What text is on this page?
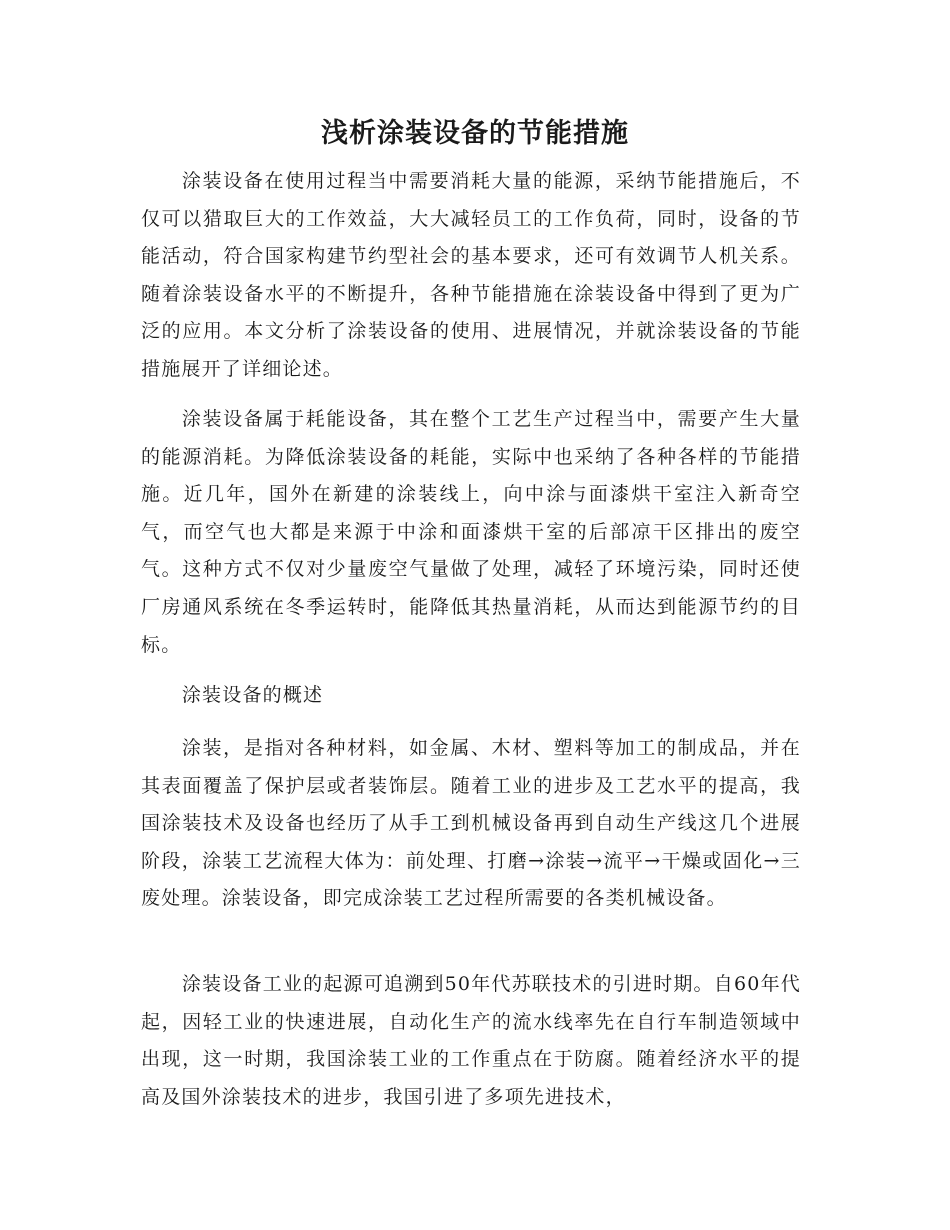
浅析涂装设备的节能措施

涂装设备在使用过程当中需要消耗大量的能源，采纳节能措施后，不仅可以猎取巨大的工作效益，大大减轻员工的工作负荷，同时，设备的节能活动，符合国家构建节约型社会的基本要求，还可有效调节人机关系。随着涂装设备水平的不断提升，各种节能措施在涂装设备中得到了更为广泛的应用。本文分析了涂装设备的使用、进展情况，并就涂装设备的节能措施展开了详细论述。

涂装设备属于耗能设备，其在整个工艺生产过程当中，需要产生大量的能源消耗。为降低涂装设备的耗能，实际中也采纳了各种各样的节能措施。近几年，国外在新建的涂装线上，向中涂与面漆烘干室注入新奇空气，而空气也大都是来源于中涂和面漆烘干室的后部凉干区排出的废空气。这种方式不仅对少量废空气量做了处理，减轻了环境污染，同时还使厂房通风系统在冬季运转时，能降低其热量消耗，从而达到能源节约的目标。

涂装设备的概述

涂装，是指对各种材料，如金属、木材、塑料等加工的制成品，并在其表面覆盖了保护层或者装饰层。随着工业的进步及工艺水平的提高，我国涂装技术及设备也经历了从手工到机械设备再到自动生产线这几个进展阶段，涂装工艺流程大体为：前处理、打磨→涂装→流平→干燥或固化→三废处理。涂装设备，即完成涂装工艺过程所需要的各类机械设备。

涂装设备工业的起源可追溯到50年代苏联技术的引进时期。自60年代起，因轻工业的快速进展，自动化生产的流水线率先在自行车制造领域中出现，这一时期，我国涂装工业的工作重点在于防腐。随着经济水平的提高及国外涂装技术的进步，我国引进了多项先进技术，
